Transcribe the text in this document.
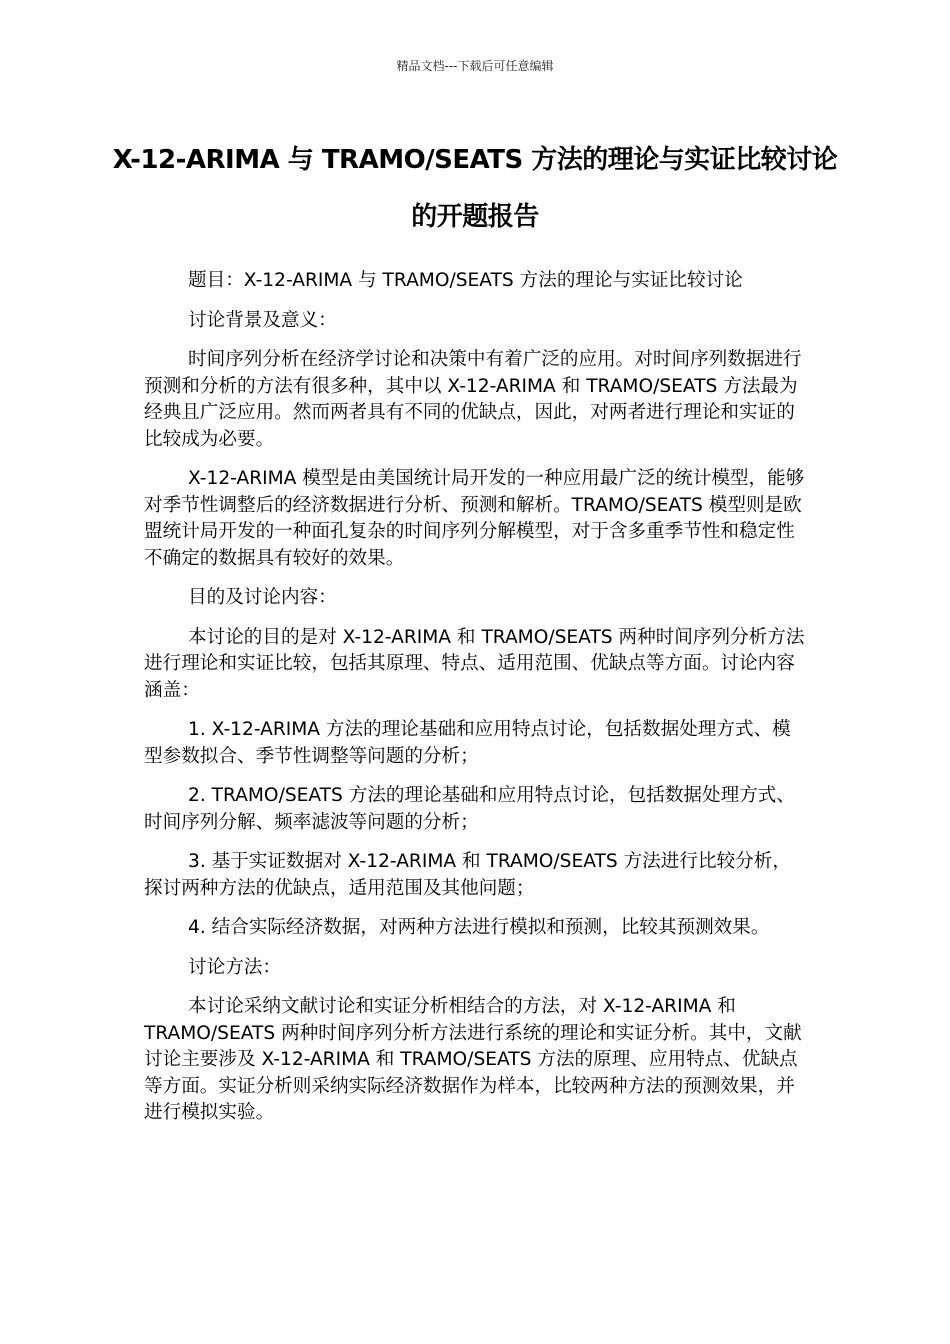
精品文档---下载后可任意编辑
X-12-ARIMA 与 TRAMO/SEATS 方法的理论与实证比较讨论的开题报告

题目：X-12-ARIMA 与 TRAMO/SEATS 方法的理论与实证比较讨论

讨论背景及意义：

时间序列分析在经济学讨论和决策中有着广泛的应用。对时间序列数据进行预测和分析的方法有很多种，其中以 X-12-ARIMA 和 TRAMO/SEATS 方法最为经典且广泛应用。然而两者具有不同的优缺点，因此，对两者进行理论和实证的比较成为必要。

X-12-ARIMA 模型是由美国统计局开发的一种应用最广泛的统计模型，能够对季节性调整后的经济数据进行分析、预测和解析。TRAMO/SEATS 模型则是欧盟统计局开发的一种面孔复杂的时间序列分解模型，对于含多重季节性和稳定性不确定的数据具有较好的效果。

目的及讨论内容：

本讨论的目的是对 X-12-ARIMA 和 TRAMO/SEATS 两种时间序列分析方法进行理论和实证比较，包括其原理、特点、适用范围、优缺点等方面。讨论内容涵盖：

1. X-12-ARIMA 方法的理论基础和应用特点讨论，包括数据处理方式、模型参数拟合、季节性调整等问题的分析；

2. TRAMO/SEATS 方法的理论基础和应用特点讨论，包括数据处理方式、时间序列分解、频率滤波等问题的分析；

3. 基于实证数据对 X-12-ARIMA 和 TRAMO/SEATS 方法进行比较分析，探讨两种方法的优缺点，适用范围及其他问题；

4. 结合实际经济数据，对两种方法进行模拟和预测，比较其预测效果。

讨论方法：

本讨论采纳文献讨论和实证分析相结合的方法，对 X-12-ARIMA 和 TRAMO/SEATS 两种时间序列分析方法进行系统的理论和实证分析。其中，文献讨论主要涉及 X-12-ARIMA 和 TRAMO/SEATS 方法的原理、应用特点、优缺点等方面。实证分析则采纳实际经济数据作为样本，比较两种方法的预测效果，并进行模拟实验。
